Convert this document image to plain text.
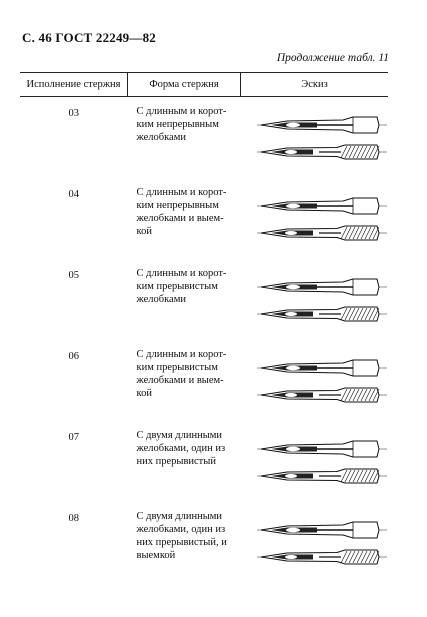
С. 46 ГОСТ 22249—82
Продолжение табл. 11
Исполнение стержня	Форма стержня	Эскиз
03	С длинным и корот-
ким непрерывным
желобками

04	С длинным и корот-
ким непрерывным
желобками и выем-
кой

05	С длинным и корот-
ким прерывистым
желобками

06	С длинным и корот-
ким прерывистым
желобками и выем-
кой

07	С двумя длинными
желобками, один из
них прерывистый

08	С двумя длинными
желобками, один из
них прерывистый, и
выемкой
